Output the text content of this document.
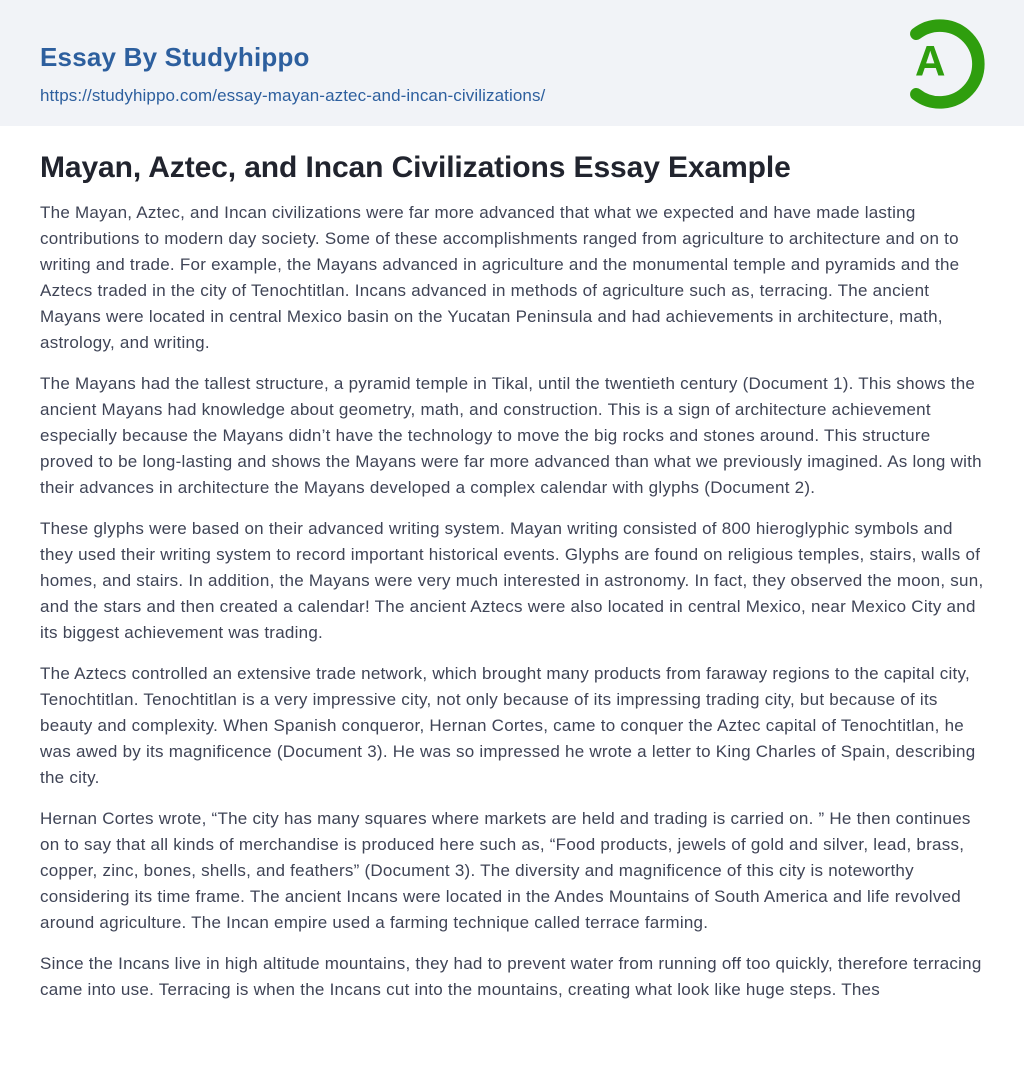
Essay By Studyhippo
https://studyhippo.com/essay-mayan-aztec-and-incan-civilizations/
A
Mayan, Aztec, and Incan Civilizations Essay Example

The Mayan, Aztec, and Incan civilizations were far more advanced that what we expected and have made lasting contributions to modern day society. Some of these accomplishments ranged from agriculture to architecture and on to writing and trade. For example, the Mayans advanced in agriculture and the monumental temple and pyramids and the Aztecs traded in the city of Tenochtitlan. Incans advanced in methods of agriculture such as, terracing. The ancient Mayans were located in central Mexico basin on the Yucatan Peninsula and had achievements in architecture, math, astrology, and writing.

The Mayans had the tallest structure, a pyramid temple in Tikal, until the twentieth century (Document 1). This shows the ancient Mayans had knowledge about geometry, math, and construction. This is a sign of architecture achievement especially because the Mayans didn’t have the technology to move the big rocks and stones around. This structure proved to be long-lasting and shows the Mayans were far more advanced than what we previously imagined. As long with their advances in architecture the Mayans developed a complex calendar with glyphs (Document 2).

These glyphs were based on their advanced writing system. Mayan writing consisted of 800 hieroglyphic symbols and they used their writing system to record important historical events. Glyphs are found on religious temples, stairs, walls of homes, and stairs. In addition, the Mayans were very much interested in astronomy. In fact, they observed the moon, sun, and the stars and then created a calendar! The ancient Aztecs were also located in central Mexico, near Mexico City and its biggest achievement was trading.

The Aztecs controlled an extensive trade network, which brought many products from faraway regions to the capital city, Tenochtitlan. Tenochtitlan is a very impressive city, not only because of its impressing trading city, but because of its beauty and complexity. When Spanish conqueror, Hernan Cortes, came to conquer the Aztec capital of Tenochtitlan, he was awed by its magnificence (Document 3). He was so impressed he wrote a letter to King Charles of Spain, describing the city.

Hernan Cortes wrote, “The city has many squares where markets are held and trading is carried on. ” He then continues on to say that all kinds of merchandise is produced here such as, “Food products, jewels of gold and silver, lead, brass, copper, zinc, bones, shells, and feathers” (Document 3). The diversity and magnificence of this city is noteworthy considering its time frame. The ancient Incans were located in the Andes Mountains of South America and life revolved around agriculture. The Incan empire used a farming technique called terrace farming.

Since the Incans live in high altitude mountains, they had to prevent water from running off too quickly, therefore terracing came into use. Terracing is when the Incans cut into the mountains, creating what look like huge steps. Thes
